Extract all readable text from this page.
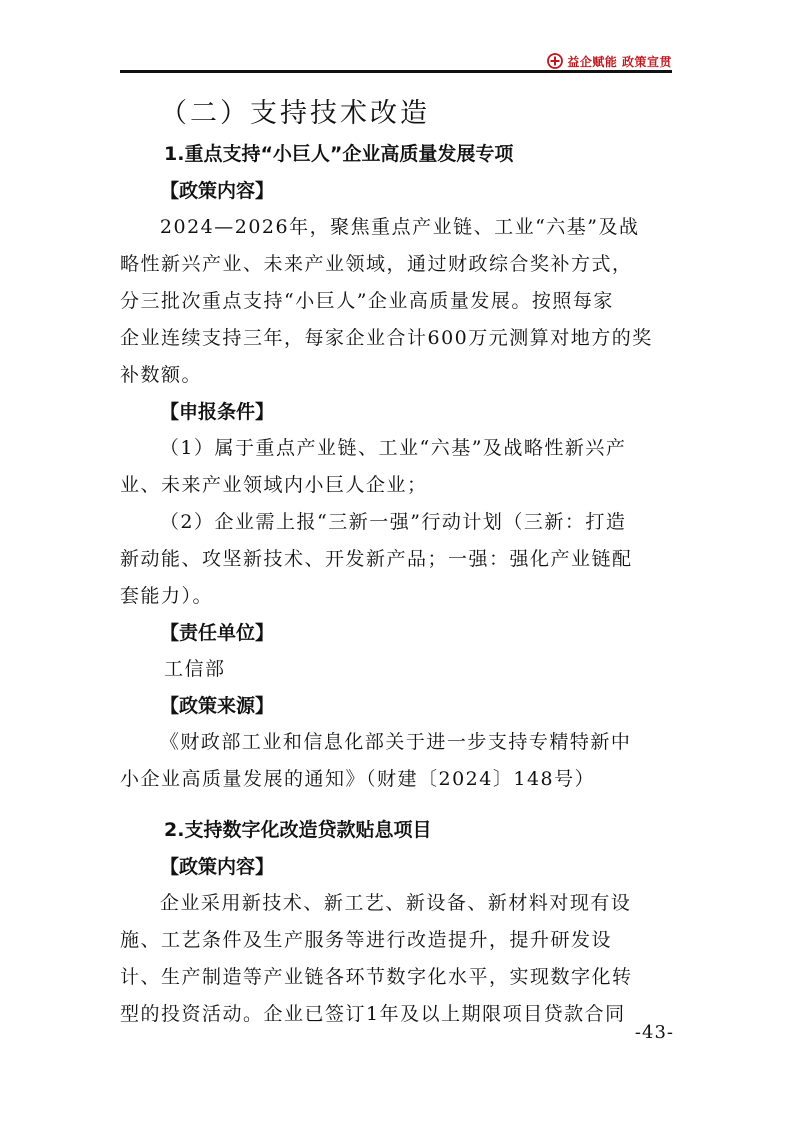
益企赋能 政策宣贯
（二）支持技术改造
1.重点支持“小巨人”企业高质量发展专项

【政策内容】

2024—2026年，聚焦重点产业链、工业“六基”及战
略性新兴产业、未来产业领域，通过财政综合奖补方式，
分三批次重点支持“小巨人”企业高质量发展。按照每家
企业连续支持三年，每家企业合计600万元测算对地方的奖
补数额。

【申报条件】

（1）属于重点产业链、工业“六基”及战略性新兴产
业、未来产业领域内小巨人企业；

（2）企业需上报“三新一强”行动计划（三新：打造
新动能、攻坚新技术、开发新产品；一强：强化产业链配
套能力）。

【责任单位】

工信部

【政策来源】

《财政部工业和信息化部关于进一步支持专精特新中
小企业高质量发展的通知》（财建〔2024〕148号）

2.支持数字化改造贷款贴息项目

【政策内容】

企业采用新技术、新工艺、新设备、新材料对现有设
施、工艺条件及生产服务等进行改造提升，提升研发设
计、生产制造等产业链各环节数字化水平，实现数字化转
型的投资活动。企业已签订1年及以上期限项目贷款合同

-43-
